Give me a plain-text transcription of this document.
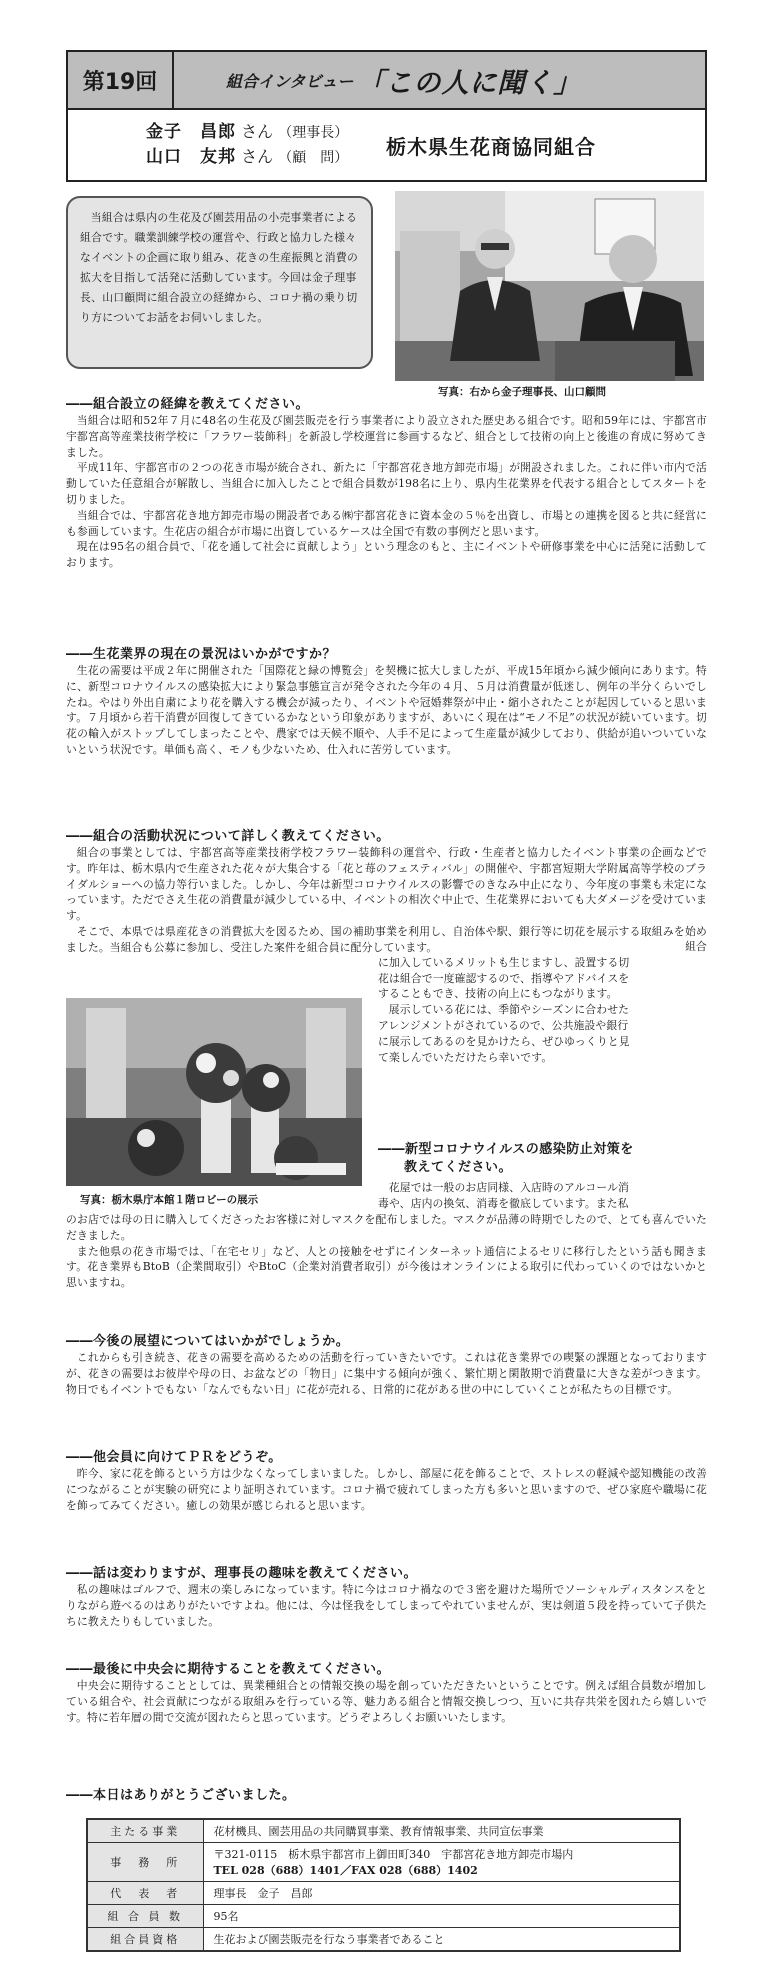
第19回	組合インタビュー 「この人に聞く」
金子　昌郎 さん （理事長）
山口　友邦 さん （顧　問）	栃木県生花商協同組合
当組合は県内の生花及び園芸用品の小売事業者による組合です。職業訓練学校の運営や、行政と協力した様々なイベントの企画に取り組み、花きの生産振興と消費の拡大を目指して活発に活動しています。今回は金子理事長、山口顧問に組合設立の経緯から、コロナ禍の乗り切り方についてお話をお伺いしました。
写真：右から金子理事長、山口顧問
――組合設立の経緯を教えてください。

当組合は昭和52年７月に48名の生花及び園芸販売を行う事業者により設立された歴史ある組合です。昭和59年には、宇都宮市宇都宮高等産業技術学校に「フラワー装飾科」を新設し学校運営に参画するなど、組合として技術の向上と後進の育成に努めてきました。

平成11年、宇都宮市の２つの花き市場が統合され、新たに「宇都宮花き地方卸売市場」が開設されました。これに伴い市内で活動していた任意組合が解散し、当組合に加入したことで組合員数が198名に上り、県内生花業界を代表する組合としてスタートを切りました。

当組合では、宇都宮花き地方卸売市場の開設者である㈱宇都宮花きに資本金の５％を出資し、市場との連携を図ると共に経営にも参画しています。生花店の組合が市場に出資しているケースは全国で有数の事例だと思います。

現在は95名の組合員で、「花を通して社会に貢献しよう」という理念のもと、主にイベントや研修事業を中心に活発に活動しております。

――生花業界の現在の景況はいかがですか？

生花の需要は平成２年に開催された「国際花と緑の博覧会」を契機に拡大しましたが、平成15年頃から減少傾向にあります。特に、新型コロナウイルスの感染拡大により緊急事態宣言が発令された今年の４月、５月は消費量が低迷し、例年の半分くらいでしたね。やはり外出自粛により花を購入する機会が減ったり、イベントや冠婚葬祭が中止・縮小されたことが起因していると思います。７月頃から若干消費が回復してきているかなという印象がありますが、あいにく現在は“モノ不足”の状況が続いています。切花の輸入がストップしてしまったことや、農家では天候不順や、人手不足によって生産量が減少しており、供給が追いついていないという状況です。単価も高く、モノも少ないため、仕入れに苦労しています。

――組合の活動状況について詳しく教えてください。

組合の事業としては、宇都宮高等産業技術学校フラワー装飾科の運営や、行政・生産者と協力したイベント事業の企画などです。昨年は、栃木県内で生産された花々が大集合する「花と苺のフェスティバル」の開催や、宇都宮短期大学附属高等学校のブライダルショーへの協力等行いました。しかし、今年は新型コロナウイルスの影響でのきなみ中止になり、今年度の事業も未定になっています。ただでさえ生花の消費量が減少している中、イベントの相次ぐ中止で、生花業界においても大ダメージを受けています。

そこで、本県では県産花きの消費拡大を図るため、国の補助事業を利用し、自治体や駅、銀行等に切花を展示する取組みを始めました。当組合も公募に参加し、受注した案件を組合員に配分しています。

写真：栃木県庁本館１階ロビーの展示
組合
に加入しているメリットも生じますし、設置する切
花は組合で一度確認するので、指導やアドバイスを
することもでき、技術の向上にもつながります。
展示している花には、季節やシーズンに合わせた
アレンジメントがされているので、公共施設や銀行
に展示してあるのを見かけたら、ぜひゆっくりと見
て楽しんでいただけたら幸いです。
――新型コロナウイルスの感染防止対策を
教えてください。
花屋では一般のお店同様、入店時のアルコール消
毒や、店内の換気、消毒を徹底しています。また私
のお店では母の日に購入してくださったお客様に対しマスクを配布しました。マスクが品薄の時期でしたので、とても喜んでいただきました。

また他県の花き市場では、「在宅セリ」など、人との接触をせずにインターネット通信によるセリに移行したという話も聞きます。花き業界もBtoB（企業間取引）やBtoC（企業対消費者取引）が今後はオンラインによる取引に代わっていくのではないかと思いますね。

――今後の展望についてはいかがでしょうか。

これからも引き続き、花きの需要を高めるための活動を行っていきたいです。これは花き業界での喫緊の課題となっておりますが、花きの需要はお彼岸や母の日、お盆などの「物日」に集中する傾向が強く、繁忙期と閑散期で消費量に大きな差がつきます。物日でもイベントでもない「なんでもない日」に花が売れる、日常的に花がある世の中にしていくことが私たちの目標です。

――他会員に向けてＰＲをどうぞ。

昨今、家に花を飾るという方は少なくなってしまいました。しかし、部屋に花を飾ることで、ストレスの軽減や認知機能の改善につながることが実験の研究により証明されています。コロナ禍で疲れてしまった方も多いと思いますので、ぜひ家庭や職場に花を飾ってみてください。癒しの効果が感じられると思います。

――話は変わりますが、理事長の趣味を教えてください。

私の趣味はゴルフで、週末の楽しみになっています。特に今はコロナ禍なので３密を避けた場所でソーシャルディスタンスをとりながら遊べるのはありがたいですよね。他には、今は怪我をしてしまってやれていませんが、実は剣道５段を持っていて子供たちに教えたりもしていました。

――最後に中央会に期待することを教えてください。

中央会に期待することとしては、異業種組合との情報交換の場を創っていただきたいということです。例えば組合員数が増加している組合や、社会貢献につながる取組みを行っている等、魅力ある組合と情報交換しつつ、互いに共存共栄を図れたら嬉しいです。特に若年層の間で交流が図れたらと思っています。どうぞよろしくお願いいたします。

――本日はありがとうございました。
主たる事業	花材機具、園芸用品の共同購買事業、教育情報事業、共同宣伝事業
事　務　所	〒321-0115　栃木県宇都宮市上御田町340　宇都宮花き地方卸売市場内
TEL 028（688）1401／FAX 028（688）1402

代　表　者	理事長　金子　昌郎
組 合 員 数	95名
組合員資格	生花および園芸販売を行なう事業者であること
